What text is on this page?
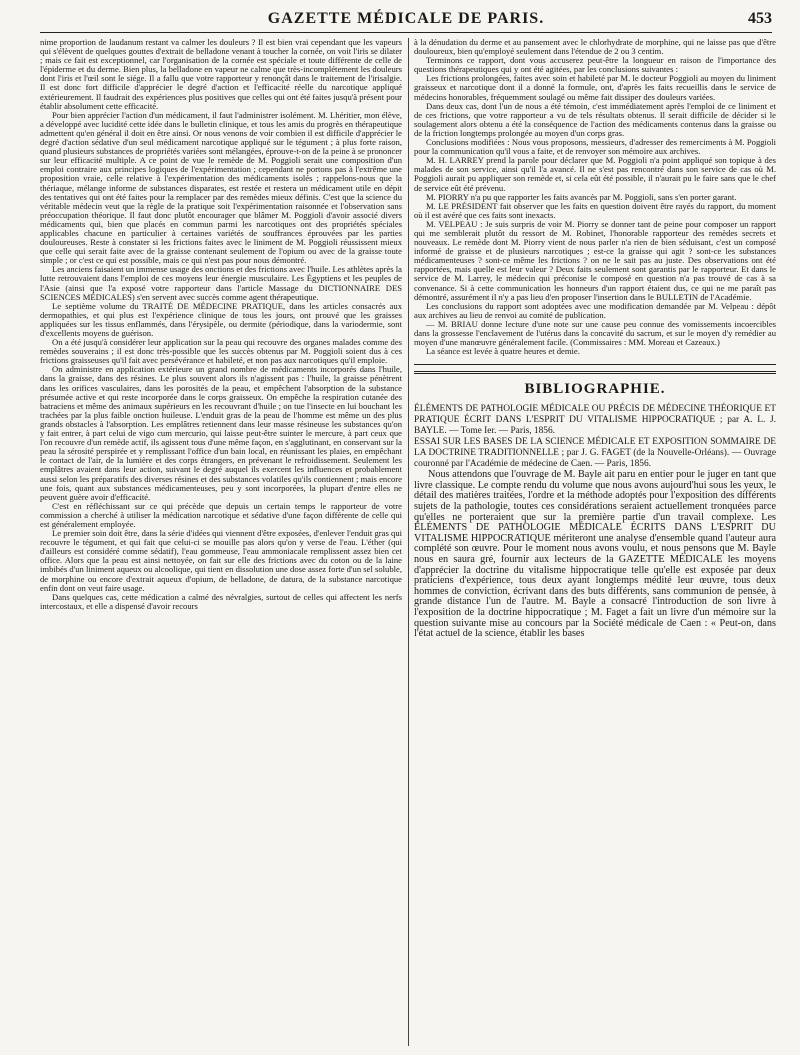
GAZETTE MÉDICALE DE PARIS.	453

nime proportion de laudanum restant va calmer les douleurs ? Il est bien vrai cependant que les vapeurs qui s'élèvent de quelques gouttes d'extrait de belladone venant à toucher la cornée, on voit l'iris se dilater ; mais ce fait est exceptionnel, car l'organisation de la cornée est spéciale et toute différente de celle de l'épiderme et du derme. Bien plus, la belladone en vapeur ne calme que très-incomplétement les douleurs dont l'iris et l'œil sont le siége. Il a fallu que votre rapporteur y renonçât dans le traitement de l'irisalgie. Il est donc fort difficile d'apprécier le degré d'action et l'efficacité réelle du narcotique appliqué extérieurement. Il faudrait des expériences plus positives que celles qui ont été faites jusqu'à présent pour établir absolument cette efficacité.

Pour bien apprécier l'action d'un médicament, il faut l'administrer isolément. M. Lhéritier, mon élève, a développé avec lucidité cette idée dans le bulletin clinique, et tous les amis du progrès en thérapeutique admettent qu'en général il doit en être ainsi. Or nous venons de voir combien il est difficile d'apprécier le degré d'action sédative d'un seul médicament narcotique appliqué sur le tégument ; à plus forte raison, quand plusieurs substances de propriétés variées sont mélangées, éprouve-t-on de la peine à se prononcer sur leur efficacité multiple. A ce point de vue le remède de M. Poggioli serait une composition d'un emploi contraire aux principes logiques de l'expérimentation ; cependant ne portons pas à l'extrême une proposition vraie, celle relative à l'expérimentation des médicaments isolés ; rappelons-nous que la thériaque, mélange informe de substances disparates, est restée et restera un médicament utile en dépit des tentatives qui ont été faites pour la remplacer par des remèdes mieux définis. C'est que la science du véritable médecin veut que la règle de la pratique soit l'expérimentation raisonnée et l'observation sans préoccupation théorique. Il faut donc plutôt encourager que blâmer M. Poggioli d'avoir associé divers médicaments qui, bien que placés en commun parmi les narcotiques ont des propriétés spéciales applicables chacune en particulier à certaines variétés de souffrances éprouvées par les parties douloureuses. Reste à constater si les frictions faites avec le liniment de M. Poggioli réussissent mieux que celle qui serait faite avec de la graisse contenant seulement de l'opium ou avec de la graisse toute simple ; or c'est ce qui est possible, mais ce qui n'est pas pour nous démontré.

Les anciens faisaient un immense usage des onctions et des frictions avec l'huile. Les athlètes après la lutte retrouvaient dans l'emploi de ces moyens leur énergie musculaire. Les Égyptiens et les peuples de l'Asie (ainsi que l'a exposé votre rapporteur dans l'article Massage du DICTIONNAIRE DES SCIENCES MÉDICALES) s'en servent avec succès comme agent thérapeutique.

Le septième volume du TRAITÉ DE MÉDECINE PRATIQUE, dans les articles consacrés aux dermopathies, et qui plus est l'expérience clinique de tous les jours, ont prouvé que les graisses appliquées sur les tissus enflammés, dans l'érysipèle, ou dermite (périodique, dans la variodermie, sont d'excellents moyens de guérison.

On a été jusqu'à considérer leur application sur la peau qui recouvre des organes malades comme des remèdes souverains ; il est donc très-possible que les succès obtenus par M. Poggioli soient dus à ces frictions graisseuses qu'il fait avec persévérance et habileté, et non pas aux narcotiques qu'il emploie.

On administre en application extérieure un grand nombre de médicaments incorporés dans l'huile, dans la graisse, dans des résines. Le plus souvent alors ils n'agissent pas : l'huile, la graisse pénètrent dans les orifices vasculaires, dans les porosités de la peau, et empêchent l'absorption de la substance présumée active et qui reste incorporée dans le corps graisseux. On empêche la respiration cutanée des batraciens et même des animaux supérieurs en les recouvrant d'huile ; on tue l'insecte en lui bouchant les trachées par la plus faible onction huileuse. L'enduit gras de la peau de l'homme est même un des plus grands obstacles à l'absorption. Les emplâtres retiennent dans leur masse résineuse les substances qu'on y fait entrer, à part celui de vigo cum mercurio, qui laisse peut-être suinter le mercure, à part ceux que l'on recouvre d'un remède actif, ils agissent tous d'une même façon, en s'agglutinant, en conservant sur la peau la sérosité perspirée et y remplissant l'office d'un bain local, en réunissant les plaies, en empêchant le contact de l'air, de la lumière et des corps étrangers, en prévenant le refroidissement. Seulement les emplâtres avaient dans leur action, suivant le degré auquel ils exercent les influences et probablement aussi selon les préparatifs des diverses résines et des substances volatiles qu'ils contiennent ; mais encore une fois, quant aux substances médicamenteuses, peu y sont incorporées, la plupart d'entre elles ne peuvent guère avoir d'efficacité.

C'est en réfléchissant sur ce qui précède que depuis un certain temps le rapporteur de votre commission a cherché à utiliser la médication narcotique et sédative d'une façon différente de celle qui est généralement employée.

Le premier soin doit être, dans la série d'idées qui viennent d'être exposées, d'enlever l'enduit gras qui recouvre le tégument, et qui fait que celui-ci se mouille pas alors qu'on y verse de l'eau. L'éther (qui d'ailleurs est considéré comme sédatif), l'eau gommeuse, l'eau ammoniacale remplissent assez bien cet office. Alors que la peau est ainsi nettoyée, on fait sur elle des frictions avec du coton ou de la laine imbibés d'un liniment aqueux ou alcoolique, qui tient en dissolution une dose assez forte d'un sel soluble, de morphine ou encore d'extrait aqueux d'opium, de belladone, de datura, de la substance narcotique enfin dont on veut faire usage.

Dans quelques cas, cette médication a calmé des névralgies, surtout de celles qui affectent les nerfs intercostaux, et elle a dispensé d'avoir recours

à la dénudation du derme et au pansement avec le chlorhydrate de morphine, qui ne laisse pas que d'être douloureux, bien qu'employé seulement dans l'étendue de 2 ou 3 centim.

Terminons ce rapport, dont vous accuserez peut-être la longueur en raison de l'importance des questions thérapeutiques qui y ont été agitées, par les conclusions suivantes :

Les frictions prolongées, faites avec soin et habileté par M. le docteur Poggioli au moyen du liniment graisseux et narcotique dont il a donné la formule, ont, d'après les faits recueillis dans le service de médecins honorables, fréquemment soulagé ou même fait dissiper des douleurs variées.

Dans deux cas, dont l'un de nous a été témoin, c'est immédiatement après l'emploi de ce liniment et de ces frictions, que votre rapporteur a vu de tels résultats obtenus. Il serait difficile de décider si le soulagement alors obtenu a été la conséquence de l'action des médicaments contenus dans la graisse ou de la friction longtemps prolongée au moyen d'un corps gras.

Conclusions modifiées : Nous vous proposons, messieurs, d'adresser des remerciments à M. Poggioli pour la communication qu'il vous a faite, et de renvoyer son mémoire aux archives.

M. H. LARREY prend la parole pour déclarer que M. Poggioli n'a point appliqué son topique à des malades de son service, ainsi qu'il l'a avancé. Il ne s'est pas rencontré dans son service de cas où M. Poggioli aurait pu appliquer son remède et, si cela eût été possible, il n'aurait pu le faire sans que le chef de service eût été prévenu.

M. PIORRY n'a pu que rapporter les faits avancés par M. Poggioli, sans s'en porter garant.

M. LE PRÉSIDENT fait observer que les faits en question doivent être rayés du rapport, du moment où il est avéré que ces faits sont inexacts.

M. VELPEAU : Je suis surpris de voir M. Piorry se donner tant de peine pour composer un rapport qui me semblerait plutôt du ressort de M. Robinet, l'honorable rapporteur des remèdes secrets et nouveaux. Le remède dont M. Piorry vient de nous parler n'a rien de bien séduisant, c'est un composé informé de graisse et de plusieurs narcotiques ; est-ce la graisse qui agit ? sont-ce les substances médicamenteuses ? sont-ce même les frictions ? on ne le sait pas au juste. Des observations ont été rapportées, mais quelle est leur valeur ? Deux faits seulement sont garantis par le rapporteur. Et dans le service de M. Larrey, le médecin qui préconise le composé en question n'a pas trouvé de cas à sa convenance. Si à cette communication les honneurs d'un rapport étaient dus, ce qui ne me paraît pas démontré, assurément il n'y a pas lieu d'en proposer l'insertion dans le BULLETIN de l'Académie.

Les conclusions du rapport sont adoptées avec une modification demandée par M. Velpeau : dépôt aux archives au lieu de renvoi au comité de publication.

— M. BRIAU donne lecture d'une note sur une cause peu connue des vomissements incoercibles dans la grossesse l'enclavement de l'utérus dans la concavité du sacrum, et sur le moyen d'y remédier au moyen d'une manœuvre généralement facile. (Commissaires : MM. Moreau et Cazeaux.)

La séance est levée à quatre heures et demie.

BIBLIOGRAPHIE.

ÉLÉMENTS DE PATHOLOGIE MÉDICALE OU PRÉCIS DE MÉDECINE THÉORIQUE ET PRATIQUE ÉCRIT DANS L'ESPRIT DU VITALISME HIPPOCRATIQUE ; par A. L. J. BAYLE. — Tome Ier. — Paris, 1856.

ESSAI SUR LES BASES DE LA SCIENCE MÉDICALE ET EXPOSITION SOMMAIRE DE LA DOCTRINE TRADITIONNELLE ; par J. G. FAGET (de la Nouvelle-Orléans). — Ouvrage couronné par l'Académie de médecine de Caen. — Paris, 1856.

Nous attendons que l'ouvrage de M. Bayle ait paru en entier pour le juger en tant que livre classique. Le compte rendu du volume que nous avons aujourd'hui sous les yeux, le détail des matières traitées, l'ordre et la méthode adoptés pour l'exposition des différents sujets de la pathologie, toutes ces considérations seraient actuellement tronquées parce qu'elles ne porteraient que sur la première partie d'un travail complexe. Les ÉLÉMENTS DE PATHOLOGIE MÉDICALE ÉCRITS DANS L'ESPRIT DU VITALISME HIPPOCRATIQUE mériteront une analyse d'ensemble quand l'auteur aura complété son œuvre. Pour le moment nous avons voulu, et nous pensons que M. Bayle nous en saura gré, fournir aux lecteurs de la GAZETTE MÉDICALE les moyens d'apprécier la doctrine du vitalisme hippocratique telle qu'elle est exposée par deux praticiens d'expérience, tous deux ayant longtemps médité leur œuvre, tous deux hommes de conviction, écrivant dans des buts différents, sans communion de pensée, à grande distance l'un de l'autre. M. Bayle a consacré l'introduction de son livre à l'exposition de la doctrine hippocratique ; M. Faget a fait un livre d'un mémoire sur la question suivante mise au concours par la Société médicale de Caen : « Peut-on, dans l'état actuel de la science, établir les bases
